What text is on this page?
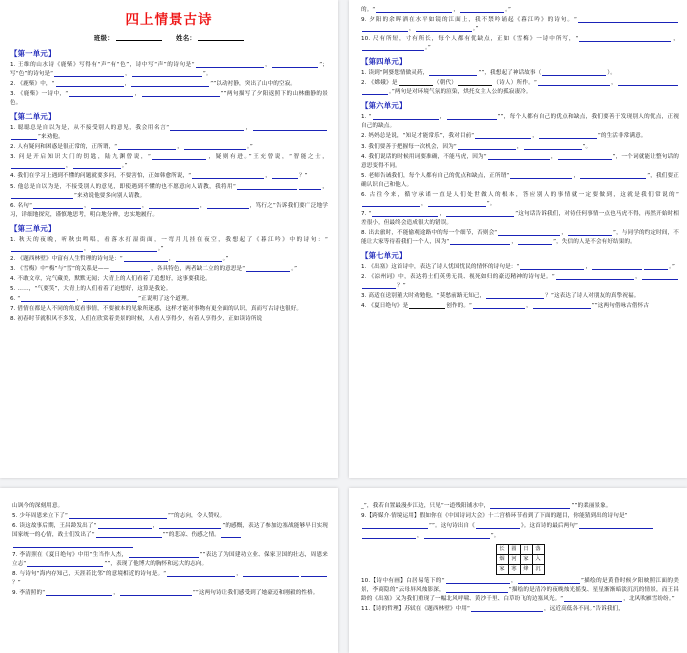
四上情景古诗
班级：	姓名：
【第一单元】
1. 王维的山水诗《鹿柴》写得有“声”有“色”，诗中写“声”的诗句是“	，	”；写“色”的诗句是“	，	”。
2. 《鹿柴》中，“	，	””以动衬静，突出了山中的空寂。
3. 《鹿柴》一诗中，“	，	””两句描写了夕阳返照下的山林幽静的景色。
【第二单元】
1. 聪聪总是自以为是，从不接受别人的意见，我会用名言“	，”来劝他。
2. 人有疑问和困惑是很正常的，正所谓，“	，	。”
3. 问是开启知识大门的钥匙，陆九渊曾说，“	，疑则有进。”王充曾说，“智能之士，，	。”
4. 我们在学习上遇到不懂的问题就要多问，不要害怕，正如韩愈所说，“	，	？”
5. 他总是自以为是，不接受别人的意见，即使遇到不懂的也不愿意向人请教，我将用“	，”来劝说他要多向别人请教。
6. 名句“	，	，	，	，笃行之”告诉我们要广泛地学习，详细地探究，谨慎地思考，明白地分辨，忠实地履行。
【第三单元】
1. 秋天的夜晚，听秋虫鸣唱，看落水打湿街面，一弯月儿挂在夜空，我想起了《暮江吟》中的诗句：“，	。”
2. 《题西林壁》中富有人生哲理的诗句是：“	，	。”
3. 《雪梅》中“梅”与“雪”的关系是——	，各具特色，两者缺二立的的意思是“	。”
4. 不敢文章，完气藏美，默默无闻；大青上的人们看着了追想好，这事要我论。
5. ……，“气要笑”，大青上的人们看着了迫想好，这算是我论。
6. “	，	”正说明了这个道理。
7. 借情在都是人不同的角度看事情，不要被本的见象所迷惑，这样才能对事物有更全面的认识，真而写古诗也很好。
8. 初春时节就积风不多发，人们在欣赏着美景的时候，人看人享得少，有着人享得少，正如读诗所说
的。“	，	。”
9. 夕阳的余晖洒在水平如镜的江面上，我不禁吟诵起《暮江吟》的诗句。“，	。”
10. 尺有所短，寸有所长，每个人都有优缺点，正如《雪梅》一诗中所写，“	，。”
【第四单元】
1. 读到“阿婆您情做灵药，	””，我想起了神话故事（	）。
2. 《嫦娥》是	（朝代）	（诗人）所作。“	，。”两句是对环境气氛的渲染，烘托女主人公的孤寂凄冷。
【第六单元】
1. “	，	””，每个人都有自己的优点和缺点，我们要善于发现别人的优点，正视自己的缺点。
2. 妈妈总是说，“知足才能常乐”，我对目前“	，	”的生活非常满意。
3. 我们要善于把握每一次机会，因为“	，	”。
4. 我们说话的时候用词要准确，不能马虎，因为“	，	”，一个词就能让整句话的意思变得不同。
5. 老师告诫我们，每个人都有自己的优点和缺点，正所谓“	，	”，我们要正确认识自己和他人。
6. 古往今来，循守承诺一直是人们处世做人的根本，答应别人的事情就一定要做到，这就是我们常说的“，	”。
7. “	，	”这句话告诉我们，对待任何事情一点也马虎不得，再然开始时相差很小，但最终会造成很大的错误。
8. 出去旅时，不能偷观途路中的每一个细节，否则会“	，	”，与同学的约定时间，不能让大家等待着我们一个人，因为“	，	”，失信的人是不会有好结果的。
【第七单元】
1. 《出塞》这首诗中，表达了诗人忧国忧民的情怀的诗句是：“	，	。”
2. 《凉州词》中，表达将士们英勇无畏、视死如归的豪迈精神的诗句是。“	，？”
3. 高适在送别董大时劝勉他，“莫愁前路无知己，	？”这表达了诗人对朋友的真挚祝福。
4. 《夏日绝句》是	创作的。“	，	””这两句借咏古借怀古
山讽今的深刻用意。
5. 少年周恩来立下了“	””的志向，令人赞叹。
6. 读这故事后期，王昌龄发出了“	，	”的感慨，表达了参加边塞战能够早日实现国家统一的心情，战士们发出了“	””的悲凉、伤感之情。
7. 李清照在《夏日绝句》中用“生当作人杰，	””表达了为国建功立业、保家卫国的壮志，周恩来立志“	””，表现了他博大的胸怀和远大的志向。
8. 与诗句“海内存知己，天涯若比邻”的意境相近的诗句是。“	，？”
9. 李清照的“	，	””这两句诗让我们感受到了她豪迈和刚毅的性格。
_”，我若自置最漫步江边，只见“一道残阳铺水中，	””的柔丽景象。
9.【跨媒介·情境运用】假如你在《中国诗词大会》十二宫格环节看到了下面的题目，你能猜到出的诗句是“
””。这句诗出自《	》。这首诗的最后两句“
，	”。
长	圆	日	落
烟	河	家	入
家	寒	烽	沉
10.【诗中有画】白居易笔下的“	，	”描绘的是黄昏时候夕阳映照江面的美景，李商隐的“云母屏风烛影深，	”描绘的是清冷的夜晚烛光摇曳、星星渐渐暗淡沉沉的情景，而王昌龄的《出塞》又为我们重现了一幅北风呼啸、黄沙千里、白草纷飞的边塞风光。“	，北风吹雁雪纷纷。”
11.【诗的哲理】苏轼在《题西林壁》中用“	，远近高低各不同。”告诉我们，
